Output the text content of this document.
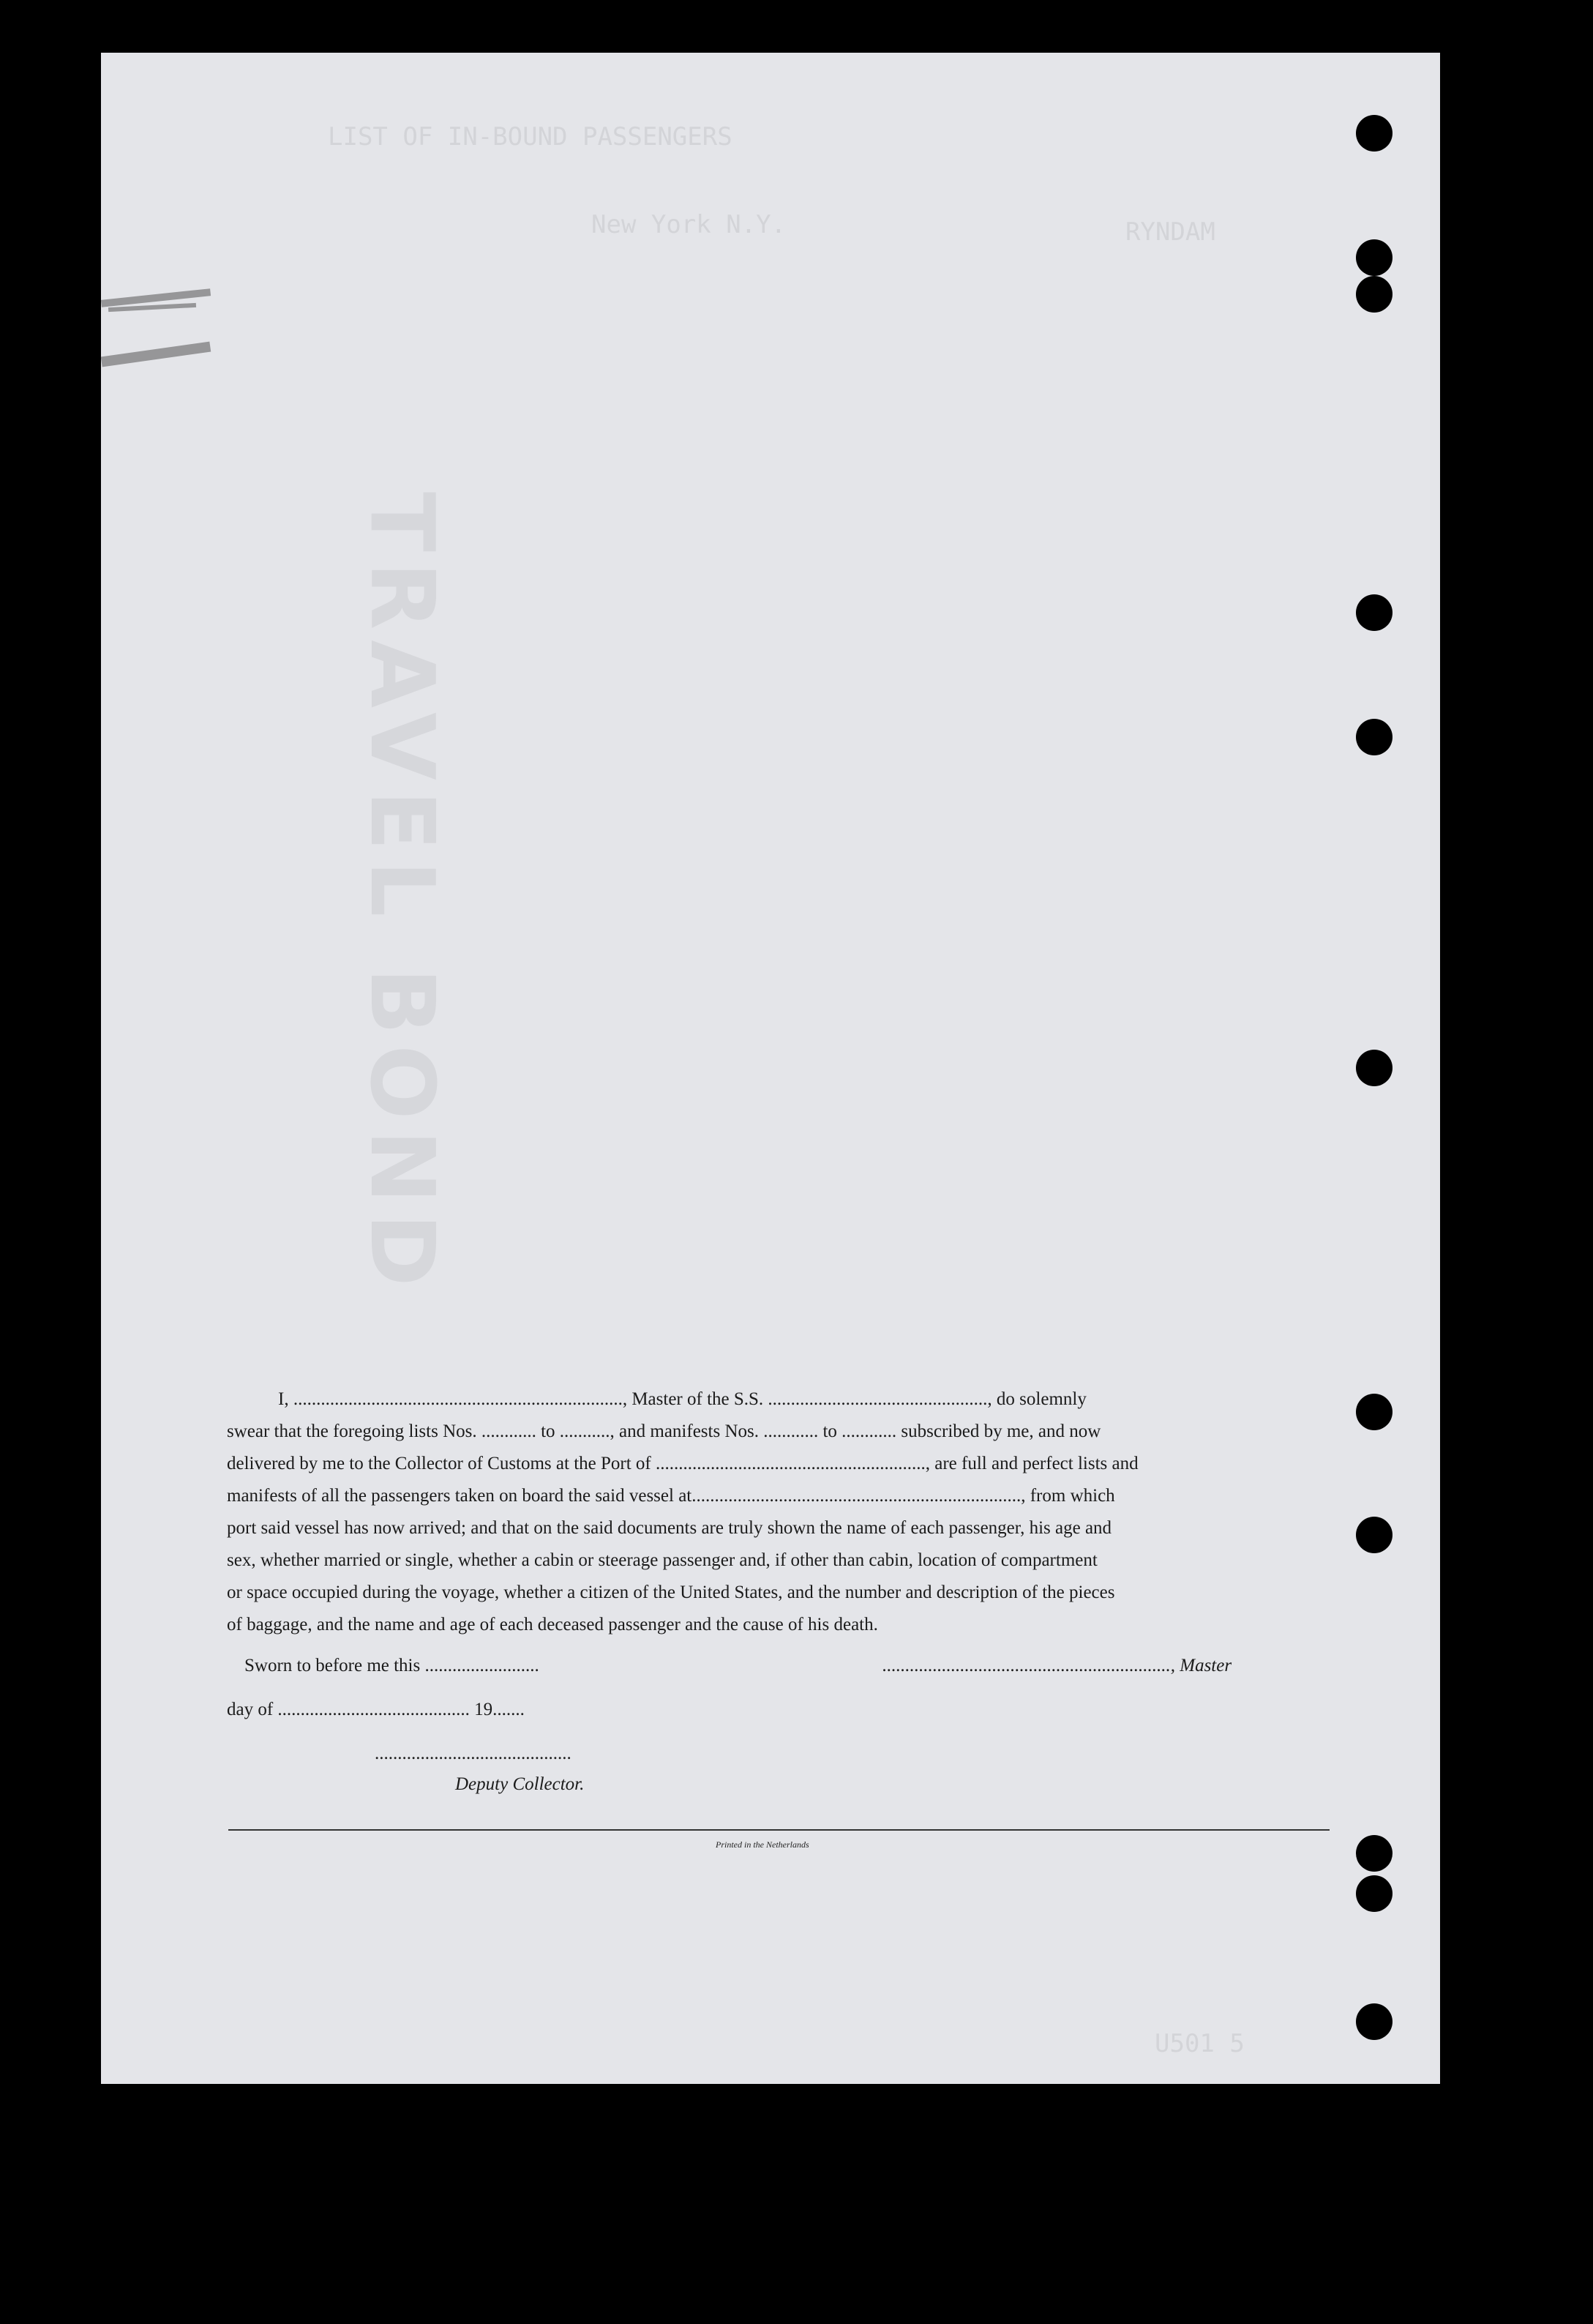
LIST OF IN-BOUND PASSENGERS
New York N.Y.	RYNDAM
TRAVEL BOND
U501 5
I, ........................................................................, Master of the S.S. ................................................, do solemnly
swear that the foregoing lists Nos. ............ to ..........., and manifests Nos. ............ to ............ subscribed by me, and now
delivered by me to the Collector of Customs at the Port of ..........................................................., are full and perfect lists and
manifests of all the passengers taken on board the said vessel at........................................................................, from which
port said vessel has now arrived; and that on the said documents are truly shown the name of each passenger, his age and
sex, whether married or single, whether a cabin or steerage passenger and, if other than cabin, location of compartment
or space occupied during the voyage, whether a citizen of the United States, and the number and description of the pieces
of baggage, and the name and age of each deceased passenger and the cause of his death.
Sworn to before me this .........................	..............................................................., Master
day of .......................................... 19.......
...........................................
Deputy Collector.
Printed in the Netherlands
